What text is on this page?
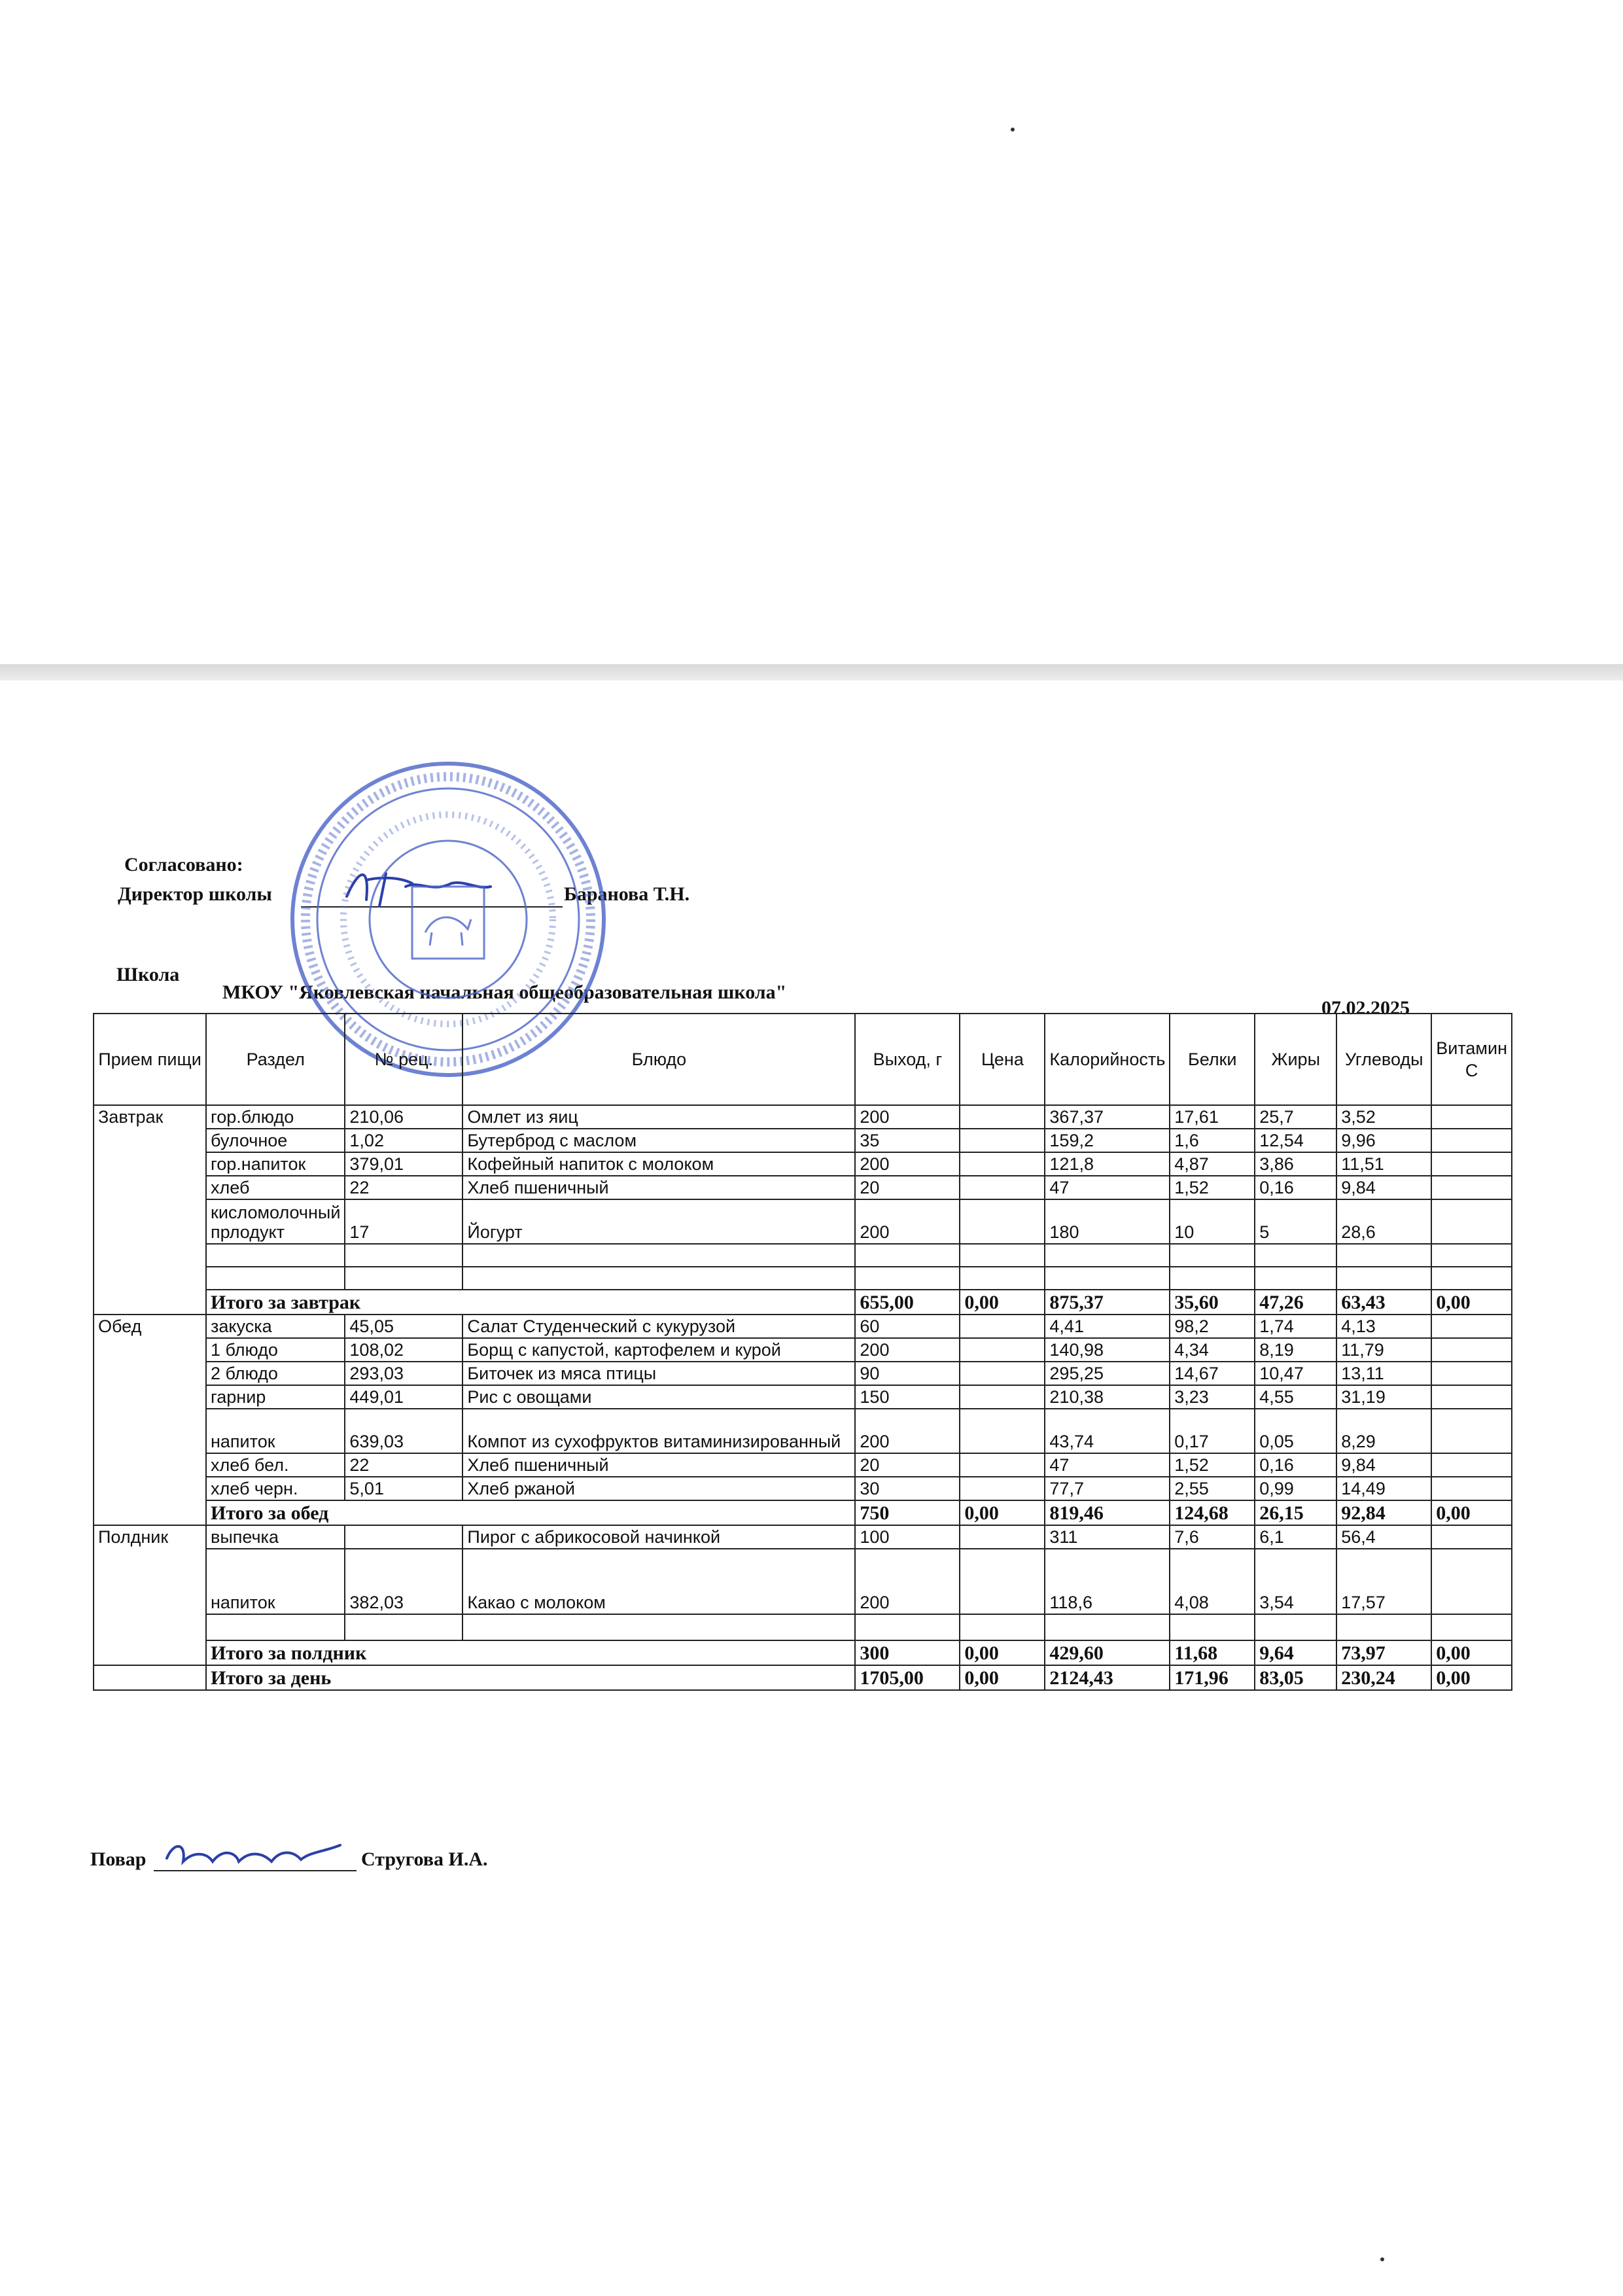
Согласовано:
Директор школы	Баранова Т.Н.
Школа
МКОУ "Яковлевская начальная общеобразовательная школа"
07.02.2025
Прием пищи	Раздел	№ рец.	Блюдо	Выход, г	Цена	Калорийность	Белки	Жиры	Углеводы	Витамин С
Завтрак	гор.блюдо	210,06	Омлет из яиц	200		367,37	17,61	25,7	3,52	
	булочное	1,02	Бутерброд с маслом	35		159,2	1,6	12,54	9,96	
	гор.напиток	379,01	Кофейный напиток с молоком	200		121,8	4,87	3,86	11,51	
	хлеб	22	Хлеб пшеничный	20		47	1,52	0,16	9,84	
	кисломолочный прлодукт	17	Йогурт	200		180	10	5	28,6	

	Итого за завтрак			655,00	0,00	875,37	35,60	47,26	63,43	0,00
Обед	закуска	45,05	Салат Студенческий с кукурузой	60		4,41	98,2	1,74	4,13	
	1 блюдо	108,02	Борщ с капустой, картофелем и курой	200		140,98	4,34	8,19	11,79	
	2 блюдо	293,03	Биточек из мяса птицы	90		295,25	14,67	10,47	13,11	
	гарнир	449,01	Рис с овощами	150		210,38	3,23	4,55	31,19	
	напиток	639,03	Компот из сухофруктов витаминизированный	200		43,74	0,17	0,05	8,29	
	хлеб бел.	22	Хлеб пшеничный	20		47	1,52	0,16	9,84	
	хлеб черн.	5,01	Хлеб ржаной	30		77,7	2,55	0,99	14,49	
	Итого за обед			750	0,00	819,46	124,68	26,15	92,84	0,00
Полдник	выпечка		Пирог с абрикосовой начинкой	100		311	7,6	6,1	56,4	
	напиток	382,03	Какао с молоком	200		118,6	4,08	3,54	17,57	

	Итого за полдник			300	0,00	429,60	11,68	9,64	73,97	0,00
	Итого за день			1705,00	0,00	2124,43	171,96	83,05	230,24	0,00
Повар	Стругова И.А.
